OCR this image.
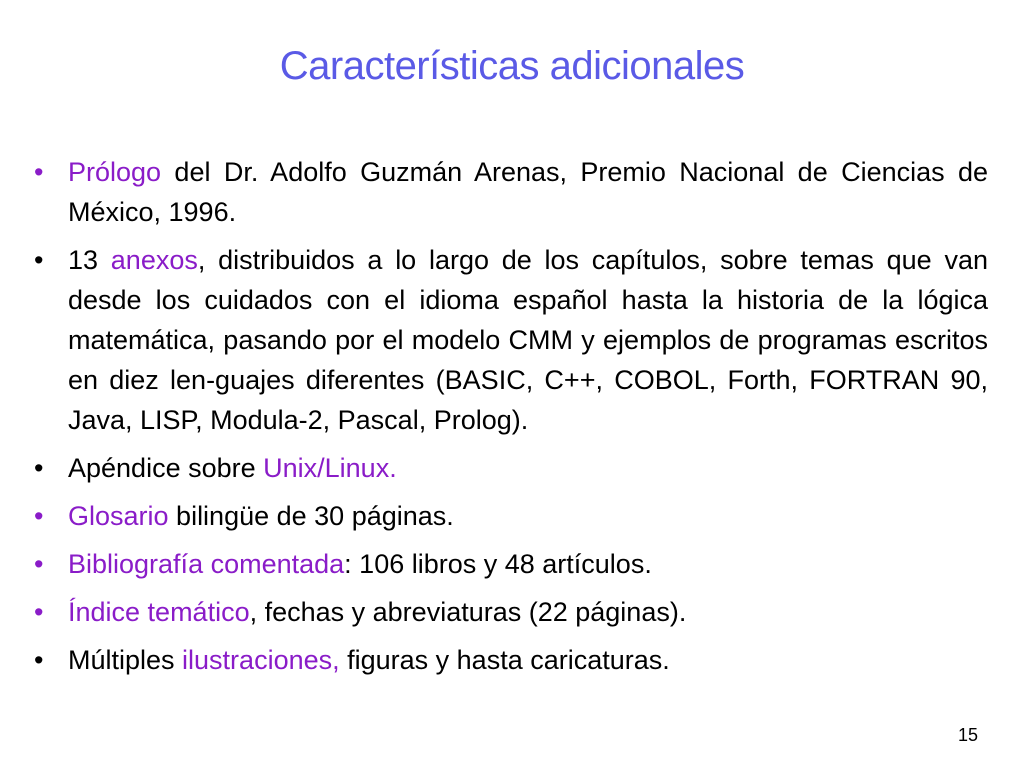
Características adicionales
• Prólogo del Dr. Adolfo Guzmán Arenas, Premio Nacional de Ciencias de México, 1996.
• 13 anexos, distribuidos a lo largo de los capítulos, sobre temas que van desde los cuidados con el idioma español hasta la historia de la lógica matemática, pasando por el modelo CMM y ejemplos de programas escritos en diez len-guajes diferentes (BASIC, C++, COBOL, Forth, FORTRAN 90, Java, LISP, Modula-2, Pascal, Prolog).
• Apéndice sobre Unix/Linux.
• Glosario bilingüe de 30 páginas.
• Bibliografía comentada: 106 libros y 48 artículos.
• Índice temático, fechas y abreviaturas (22 páginas).
• Múltiples ilustraciones, figuras y hasta caricaturas.
15
